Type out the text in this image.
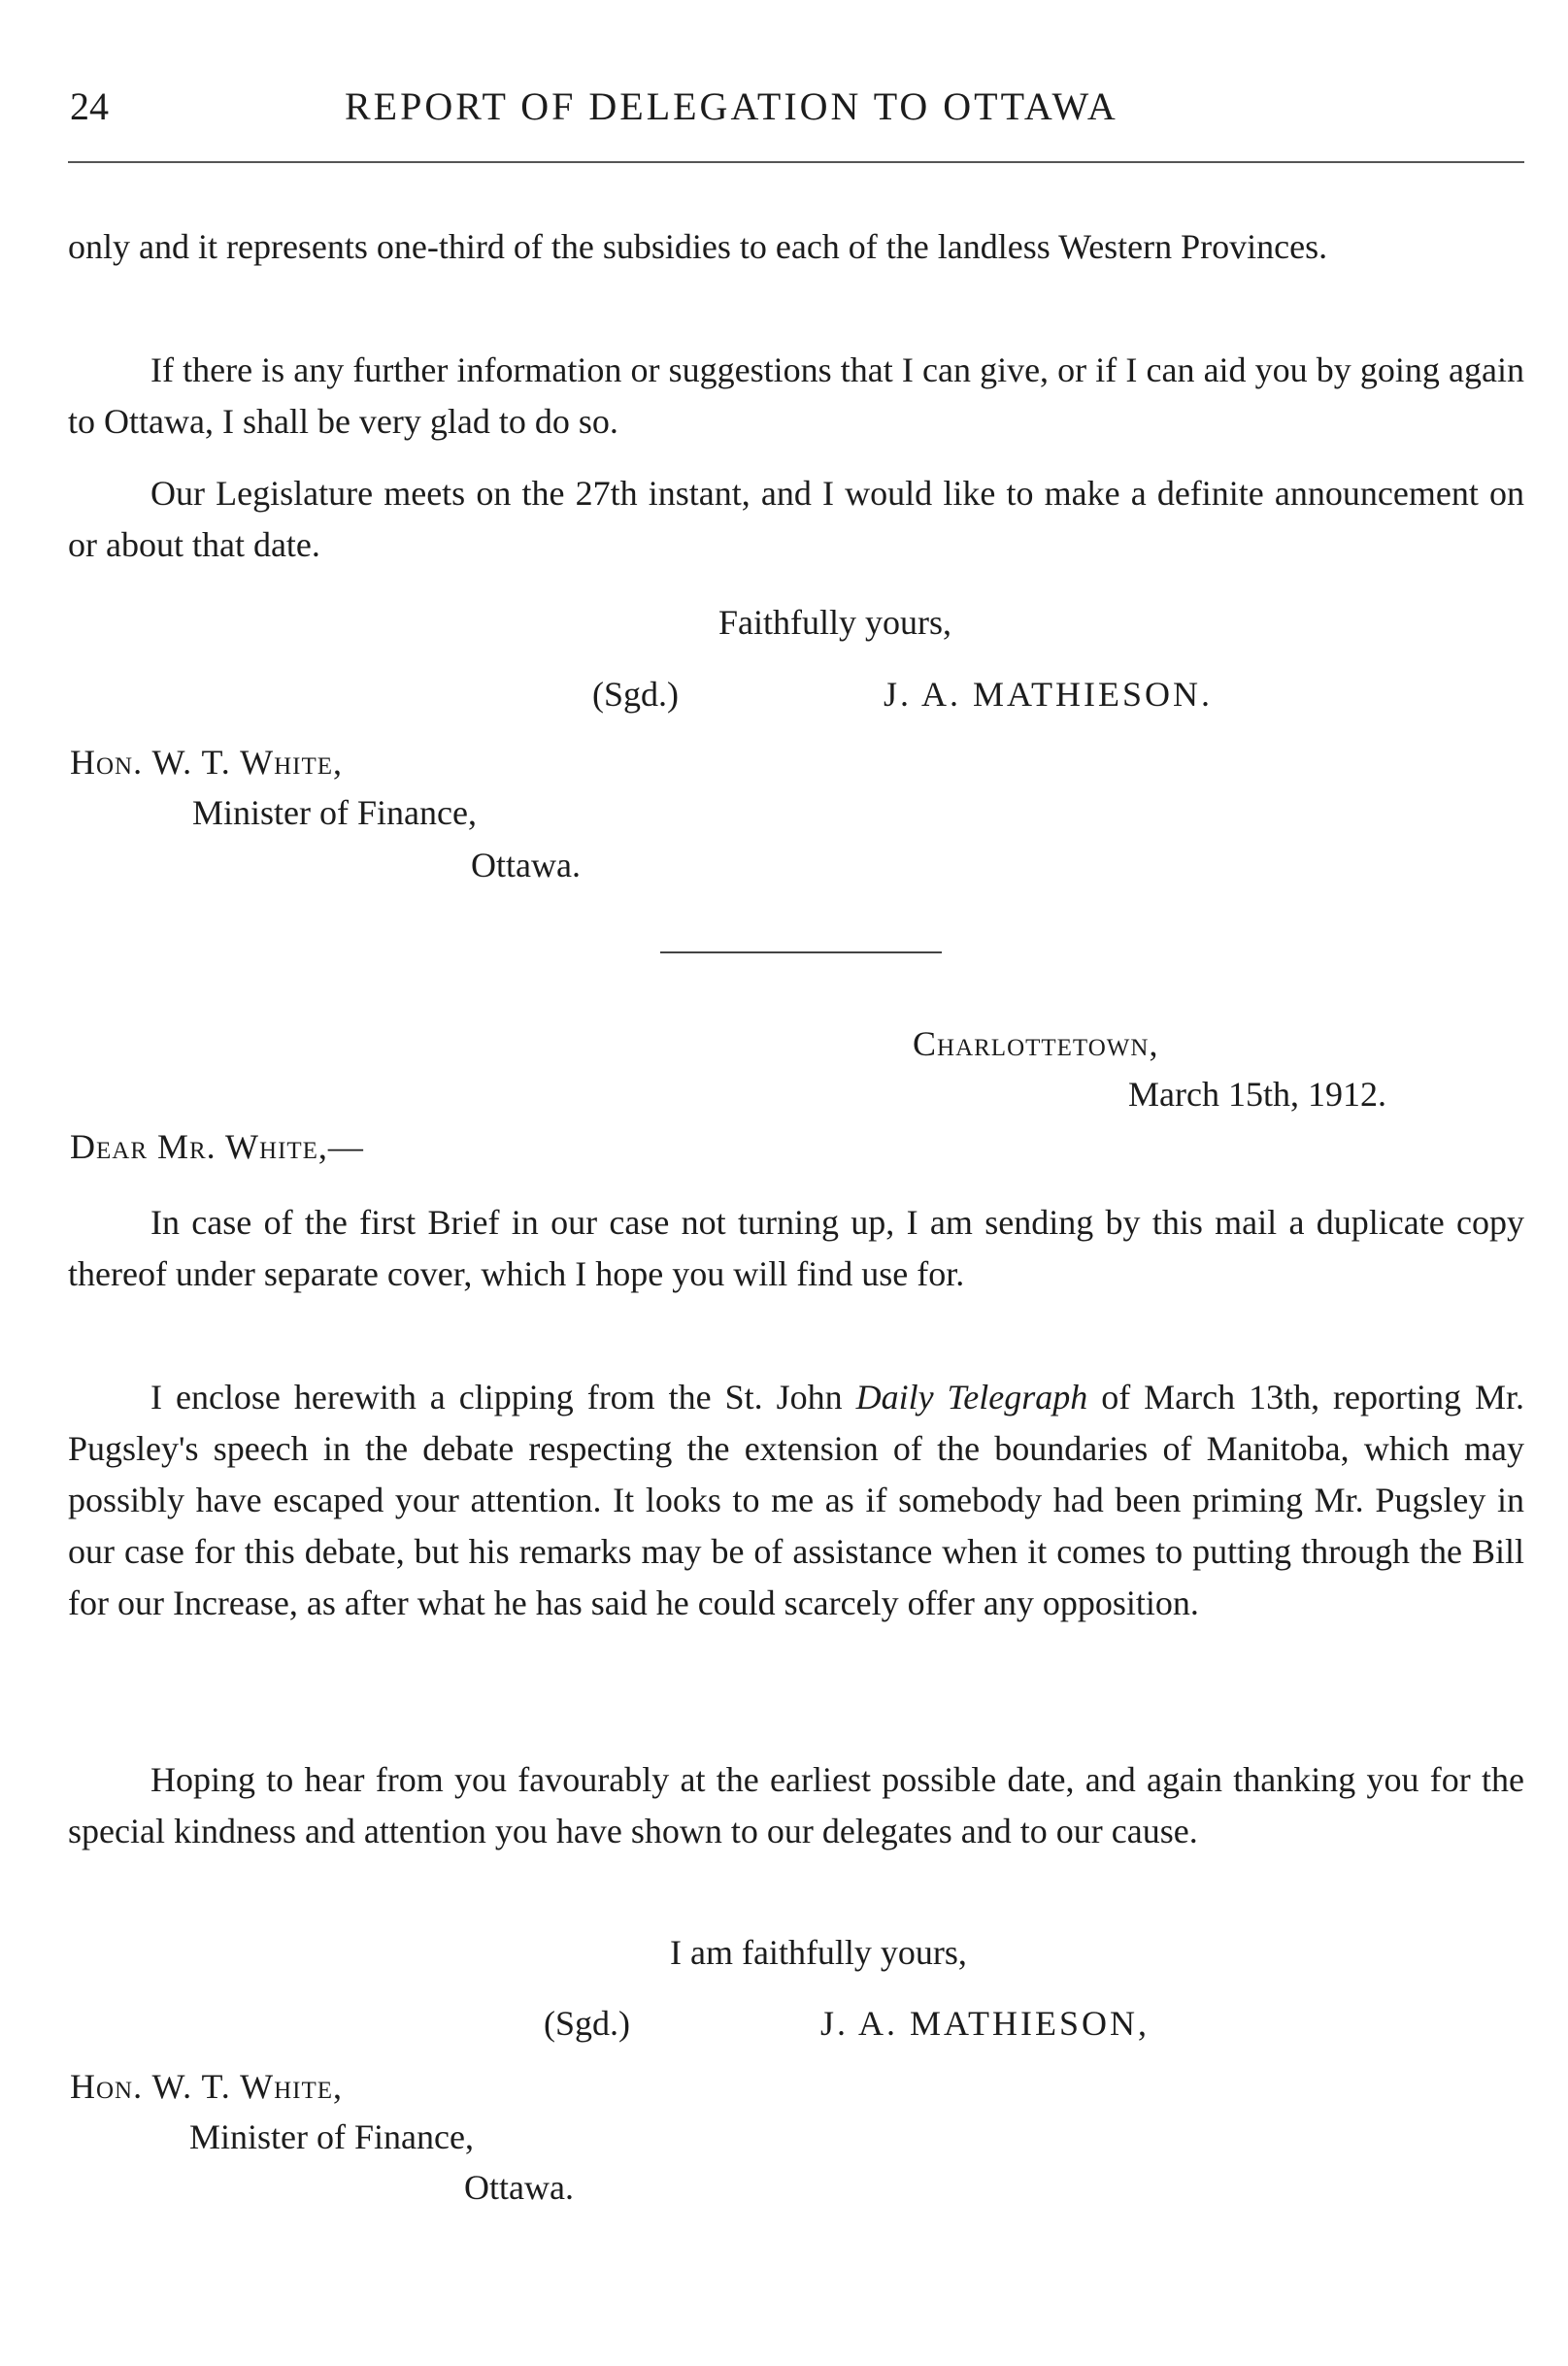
24	REPORT OF DELEGATION TO OTTAWA

only and it represents one-third of the subsidies to each of the landless Western Provinces.

If there is any further information or suggestions that I can give, or if I can aid you by going again to Ottawa, I shall be very glad to do so.

Our Legislature meets on the 27th instant, and I would like to make a definite announcement on or about that date.

Faithfully yours,
(Sgd.)	J. A. MATHIESON.
Hon. W. T. White,
Minister of Finance,
Ottawa.
Charlottetown,
March 15th, 1912.
Dear Mr. White,—

In case of the first Brief in our case not turning up, I am sending by this mail a duplicate copy thereof under separate cover, which I hope you will find use for.

I enclose herewith a clipping from the St. John Daily Telegraph of March 13th, reporting Mr. Pugsley's speech in the debate respecting the extension of the boundaries of Manitoba, which may possibly have escaped your attention. It looks to me as if somebody had been priming Mr. Pugsley in our case for this debate, but his remarks may be of assistance when it comes to putting through the Bill for our Increase, as after what he has said he could scarcely offer any opposition.

Hoping to hear from you favourably at the earliest possible date, and again thanking you for the special kindness and attention you have shown to our delegates and to our cause.

I am faithfully yours,
(Sgd.)	J. A. MATHIESON,
Hon. W. T. White,
Minister of Finance,
Ottawa.
